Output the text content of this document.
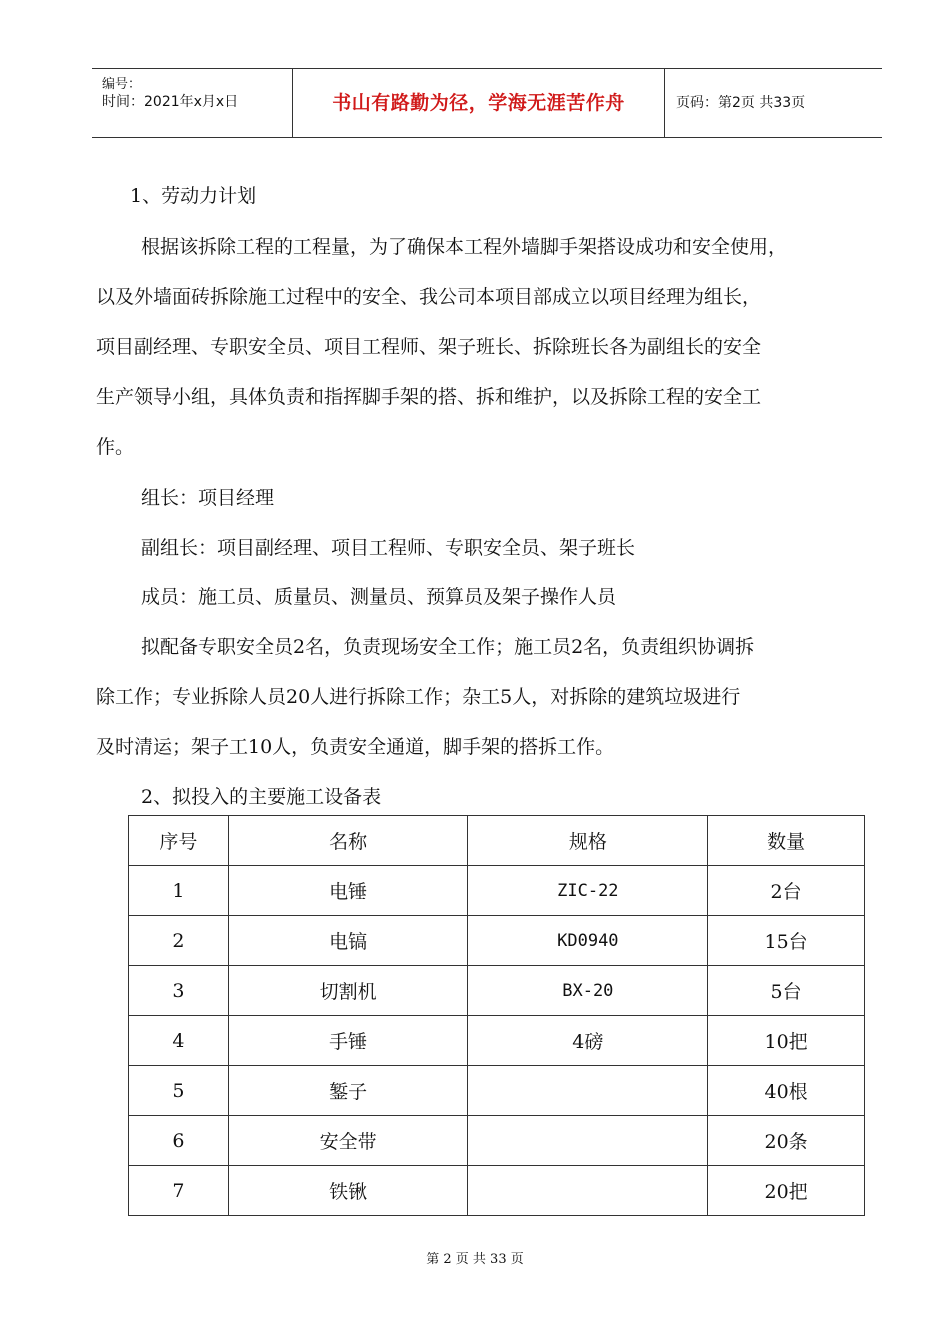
编号：
时间：2021年x月x日	书山有路勤为径，学海无涯苦作舟	页码：第2页 共33页
1、劳动力计划
根据该拆除工程的工程量，为了确保本工程外墙脚手架搭设成功和安全使用，
以及外墙面砖拆除施工过程中的安全、我公司本项目部成立以项目经理为组长，
项目副经理、专职安全员、项目工程师、架子班长、拆除班长各为副组长的安全
生产领导小组，具体负责和指挥脚手架的搭、拆和维护，以及拆除工程的安全工
作。
组长：项目经理
副组长：项目副经理、项目工程师、专职安全员、架子班长
成员：施工员、质量员、测量员、预算员及架子操作人员
拟配备专职安全员2名，负责现场安全工作；施工员2名，负责组织协调拆
除工作；专业拆除人员20人进行拆除工作；杂工5人，对拆除的建筑垃圾进行
及时清运；架子工10人，负责安全通道，脚手架的搭拆工作。
2、拟投入的主要施工设备表
序号	名称	规格	数量
1	电锤	ZIC-22	2台
2	电镐	KD0940	15台
3	切割机	BX-20	5台
4	手锤	4磅	10把
5	錾子		40根
6	安全带		20条
7	铁锹		20把
第 2 页 共 33 页
